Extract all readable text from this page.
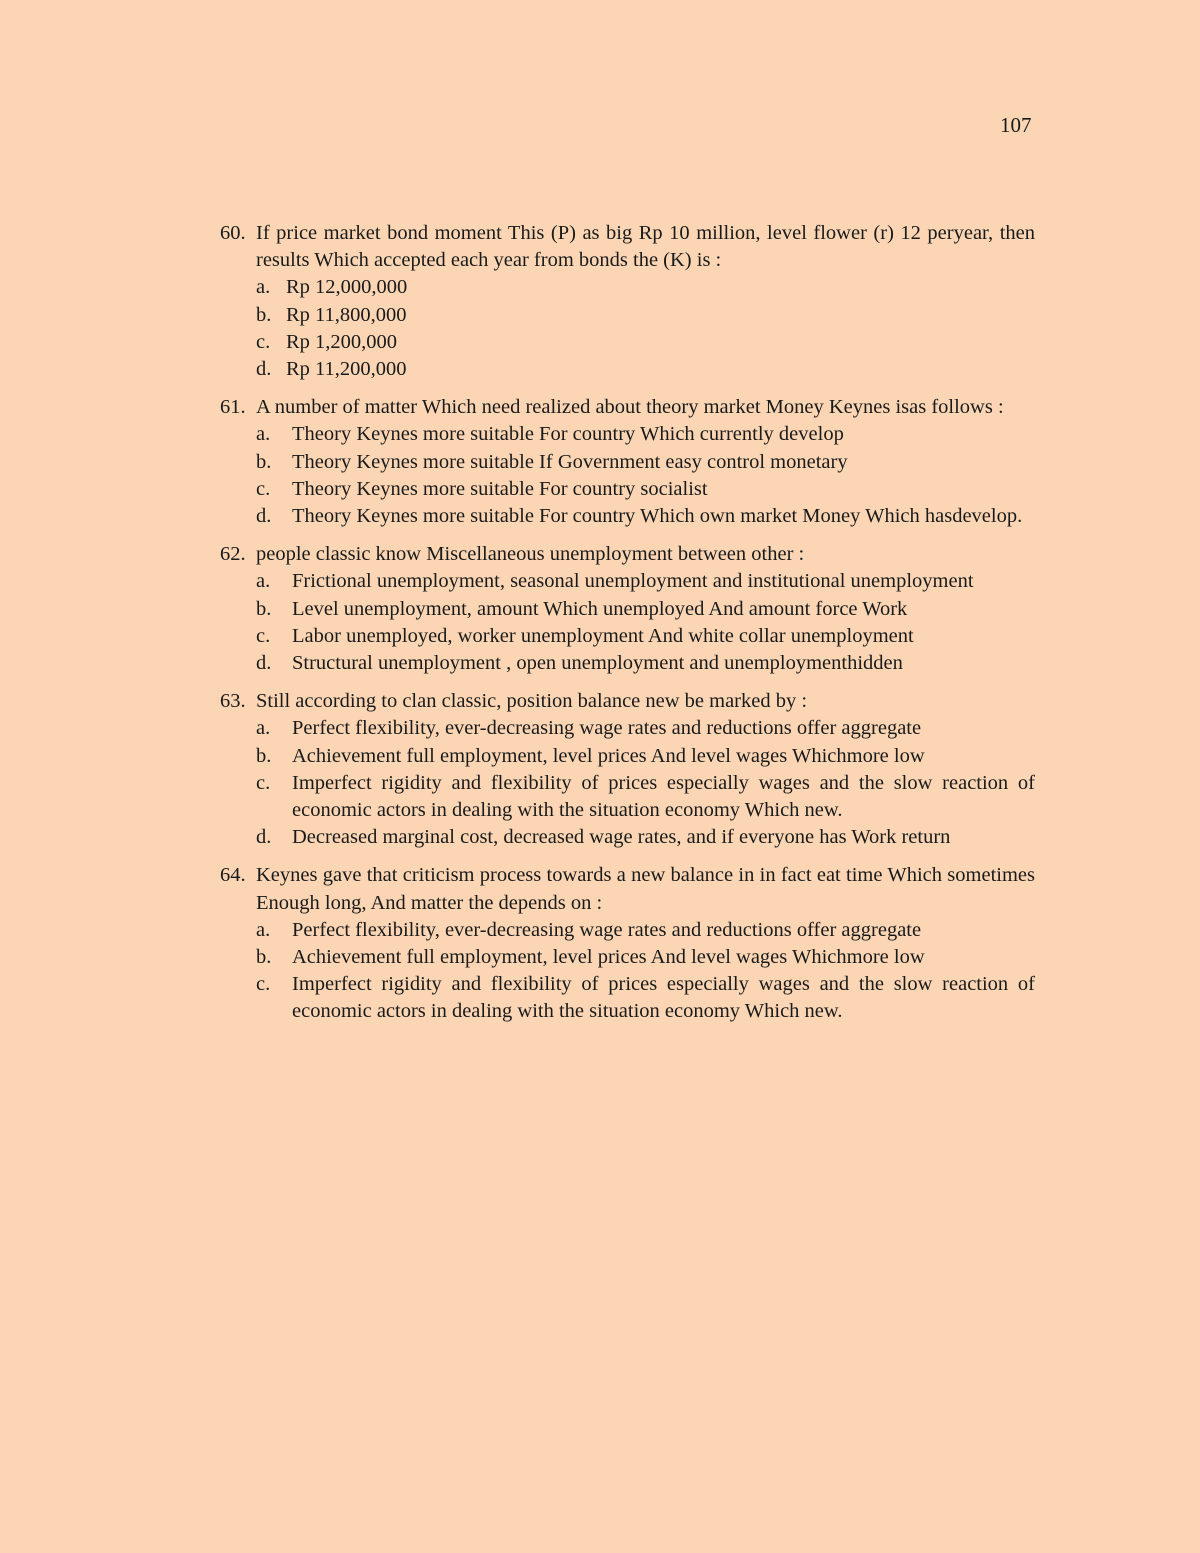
107
60. If price market bond moment This (P) as big Rp 10 million, level flower (r) 12 peryear, then results Which accepted each year from bonds the (K) is :
a. Rp 12,000,000
b. Rp 11,800,000
c. Rp 1,200,000
d. Rp 11,200,000
61. A number of matter Which need realized about theory market Money Keynes isas follows :
a.	Theory Keynes more suitable For country Which currently develop
b.	Theory Keynes more suitable If Government easy control monetary
c.	Theory Keynes more suitable For country socialist
d.	Theory Keynes more suitable For country Which own market Money Which hasdevelop.
62. people classic know Miscellaneous unemployment between other :
a.	Frictional unemployment, seasonal unemployment and institutional unemployment
b.	Level unemployment, amount Which unemployed And amount force Work
c.	Labor unemployed, worker unemployment And white collar unemployment
d.	Structural unemployment , open unemployment and unemploymenthidden
63. Still according to clan classic, position balance new be marked by :
a.	Perfect flexibility, ever-decreasing wage rates and reductions offer aggregate
b.	Achievement full employment, level prices And level wages Whichmore low
c.	Imperfect rigidity and flexibility of prices especially wages and the slow reaction of economic actors in dealing with the situation economy Which new.
d.	Decreased marginal cost, decreased wage rates, and if everyone has Work return
64. Keynes gave that criticism process towards a new balance in in fact eat time Which sometimes Enough long, And matter the depends on :
a.	Perfect flexibility, ever-decreasing wage rates and reductions offer aggregate
b.	Achievement full employment, level prices And level wages Whichmore low
c.	Imperfect rigidity and flexibility of prices especially wages and the slow reaction of economic actors in dealing with the situation economy Which new.
